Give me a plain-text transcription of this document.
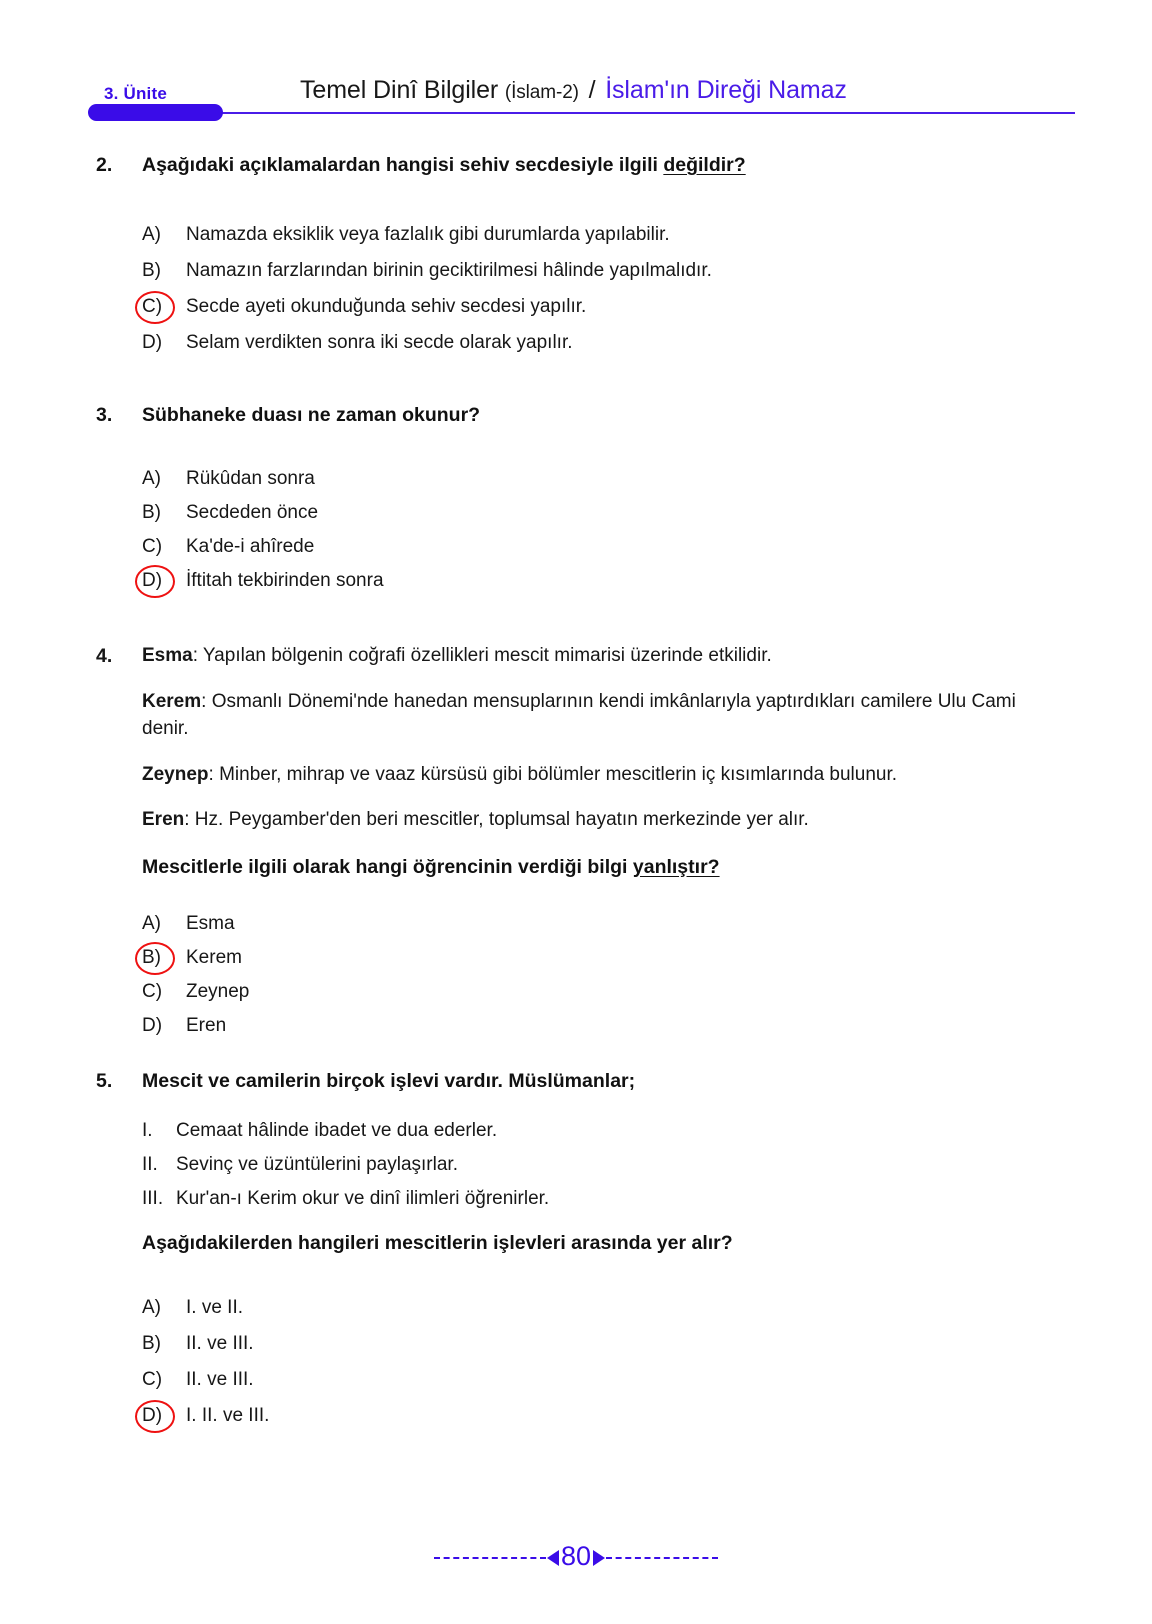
3. Ünite	Temel Dinî Bilgiler (İslam-2) / İslam'ın Direği Namaz
2. Aşağıdaki açıklamalardan hangisi sehiv secdesiyle ilgili değildir?
A)	Namazda eksiklik veya fazlalık gibi durumlarda yapılabilir.
B)	Namazın farzlarından birinin geciktirilmesi hâlinde yapılmalıdır.
C)	Secde ayeti okunduğunda sehiv secdesi yapılır.
D)	Selam verdikten sonra iki secde olarak yapılır.
3. Sübhaneke duası ne zaman okunur?
A)	Rükûdan sonra
B)	Secdeden önce
C)	Ka'de-i ahîrede
D)	İftitah tekbirinden sonra
4. Esma: Yapılan bölgenin coğrafi özellikleri mescit mimarisi üzerinde etkilidir.
Kerem: Osmanlı Dönemi'nde hanedan mensuplarının kendi imkânlarıyla yaptırdıkları camilere Ulu Cami denir.
Zeynep: Minber, mihrap ve vaaz kürsüsü gibi bölümler mescitlerin iç kısımlarında bulunur.
Eren: Hz. Peygamber'den beri mescitler, toplumsal hayatın merkezinde yer alır.
Mescitlerle ilgili olarak hangi öğrencinin verdiği bilgi yanlıştır?
A)	Esma
B)	Kerem
C)	Zeynep
D)	Eren
5. Mescit ve camilerin birçok işlevi vardır. Müslümanlar;
I.	Cemaat hâlinde ibadet ve dua ederler.
II. Sevinç ve üzüntülerini paylaşırlar.
III. Kur'an-ı Kerim okur ve dinî ilimleri öğrenirler.
Aşağıdakilerden hangileri mescitlerin işlevleri arasında yer alır?
A)	I. ve II.
B)	II. ve III.
C)	II. ve III.
D)	I. II. ve III.
80
